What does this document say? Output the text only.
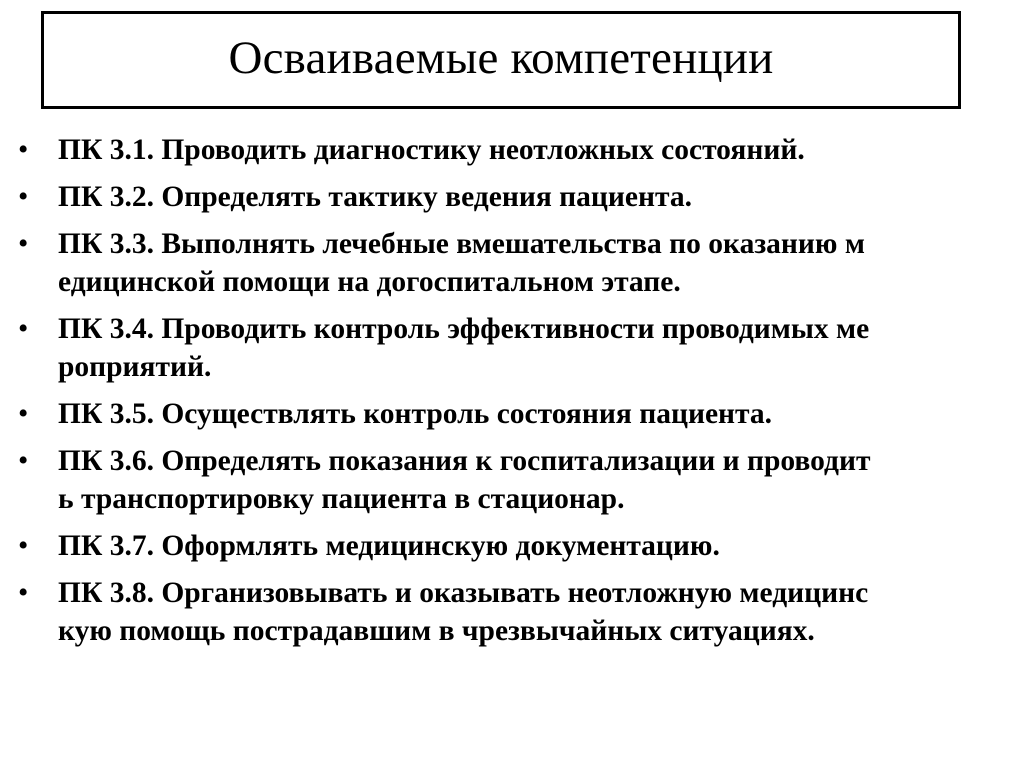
Осваиваемые компетенции
•	ПК 3.1. Проводить диагностику неотложных состояний.
•	ПК 3.2. Определять тактику ведения пациента.
•	ПК 3.3. Выполнять лечебные вмешательства по оказанию м
едицинской помощи на догоспитальном этапе.
•	ПК 3.4. Проводить контроль эффективности проводимых ме
роприятий.
•	ПК 3.5. Осуществлять контроль состояния пациента.
•	ПК 3.6. Определять показания к госпитализации и проводит
ь транспортировку пациента в стационар.
•	ПК 3.7. Оформлять медицинскую документацию.
•	ПК 3.8. Организовывать и оказывать неотложную медицинс
кую помощь пострадавшим в чрезвычайных ситуациях.
